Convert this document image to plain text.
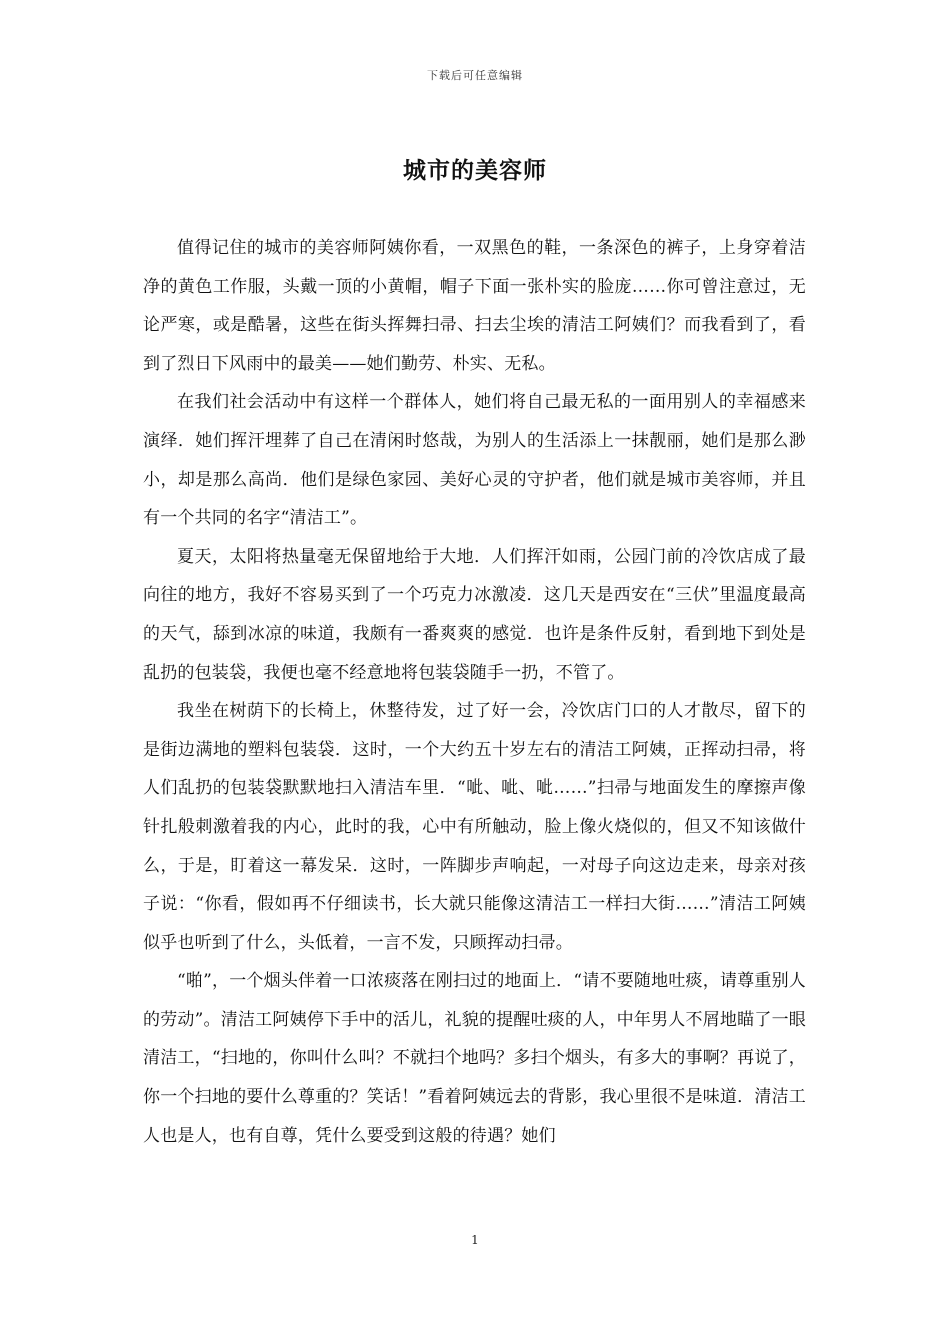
下载后可任意编辑
城市的美容师

值得记住的城市的美容师阿姨你看，一双黑色的鞋，一条深色的裤子，上身穿着洁净的黄色工作服，头戴一顶的小黄帽，帽子下面一张朴实的脸庞……你可曾注意过，无论严寒，或是酷暑，这些在街头挥舞扫帚、扫去尘埃的清洁工阿姨们？而我看到了，看到了烈日下风雨中的最美——她们勤劳、朴实、无私。

在我们社会活动中有这样一个群体人，她们将自己最无私的一面用别人的幸福感来演绎．她们挥汗埋葬了自己在清闲时悠哉，为别人的生活添上一抹靓丽，她们是那么渺小，却是那么高尚．他们是绿色家园、美好心灵的守护者，他们就是城市美容师，并且有一个共同的名字“清洁工”。

夏天，太阳将热量毫无保留地给于大地．人们挥汗如雨，公园门前的冷饮店成了最向往的地方，我好不容易买到了一个巧克力冰激凌．这几天是西安在“三伏”里温度最高的天气，舔到冰凉的味道，我颇有一番爽爽的感觉．也许是条件反射，看到地下到处是乱扔的包装袋，我便也毫不经意地将包装袋随手一扔，不管了。

我坐在树荫下的长椅上，休整待发，过了好一会，冷饮店门口的人才散尽，留下的是街边满地的塑料包装袋．这时，一个大约五十岁左右的清洁工阿姨，正挥动扫帚，将人们乱扔的包装袋默默地扫入清洁车里．“呲、呲、呲……”扫帚与地面发生的摩擦声像针扎般刺激着我的内心，此时的我，心中有所触动，脸上像火烧似的，但又不知该做什么，于是，盯着这一幕发呆．这时，一阵脚步声响起，一对母子向这边走来，母亲对孩子说：“你看，假如再不仔细读书，长大就只能像这清洁工一样扫大街……”清洁工阿姨似乎也听到了什么，头低着，一言不发，只顾挥动扫帚。

“啪”，一个烟头伴着一口浓痰落在刚扫过的地面上．“请不要随地吐痰，请尊重别人的劳动”。清洁工阿姨停下手中的活儿，礼貌的提醒吐痰的人，中年男人不屑地瞄了一眼清洁工，“扫地的，你叫什么叫？不就扫个地吗？多扫个烟头，有多大的事啊？再说了，你一个扫地的要什么尊重的？笑话！”看着阿姨远去的背影，我心里很不是味道．清洁工人也是人，也有自尊，凭什么要受到这般的待遇？她们

1
